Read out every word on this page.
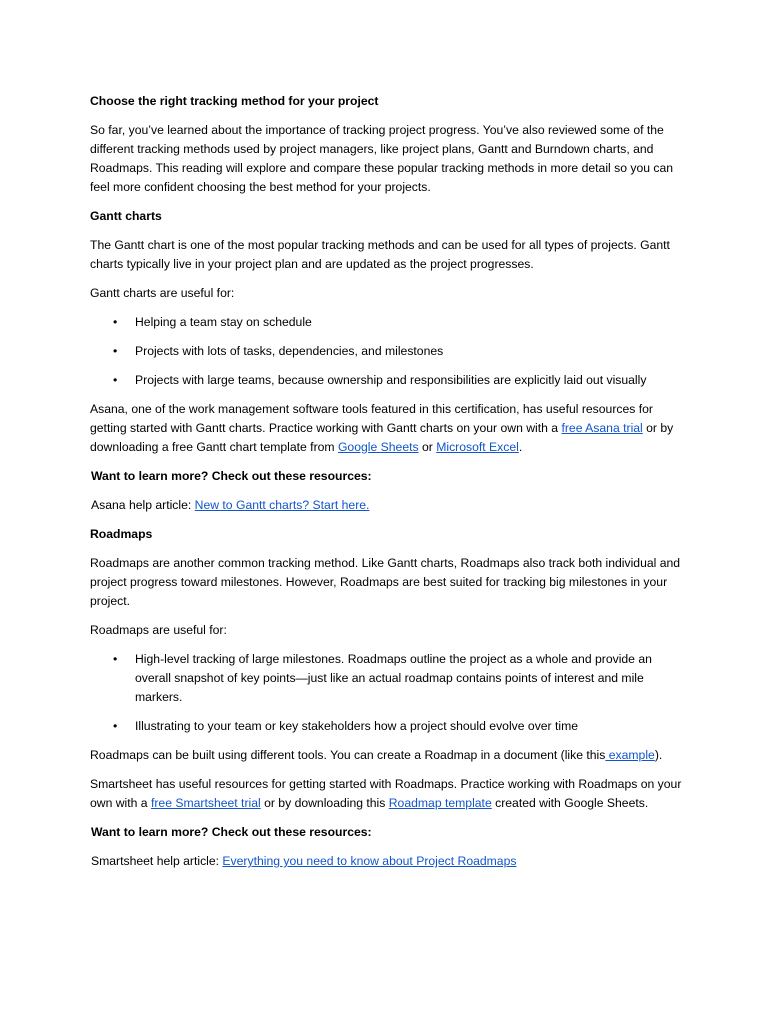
Choose the right tracking method for your project

So far, you’ve learned about the importance of tracking project progress. You’ve also reviewed some of the different tracking methods used by project managers, like project plans, Gantt and Burndown charts, and Roadmaps. This reading will explore and compare these popular tracking methods in more detail so you can feel more confident choosing the best method for your projects.

Gantt charts

The Gantt chart is one of the most popular tracking methods and can be used for all types of projects. Gantt charts typically live in your project plan and are updated as the project progresses.

Gantt charts are useful for:

• Helping a team stay on schedule
• Projects with lots of tasks, dependencies, and milestones
• Projects with large teams, because ownership and responsibilities are explicitly laid out visually

Asana, one of the work management software tools featured in this certification, has useful resources for getting started with Gantt charts. Practice working with Gantt charts on your own with a free Asana trial or by downloading a free Gantt chart template from Google Sheets or Microsoft Excel.

Want to learn more? Check out these resources:

Asana help article: New to Gantt charts? Start here.

Roadmaps

Roadmaps are another common tracking method. Like Gantt charts, Roadmaps also track both individual and project progress toward milestones. However, Roadmaps are best suited for tracking big milestones in your project.

Roadmaps are useful for:

• High-level tracking of large milestones. Roadmaps outline the project as a whole and provide an overall snapshot of key points—just like an actual roadmap contains points of interest and mile markers.
• Illustrating to your team or key stakeholders how a project should evolve over time

Roadmaps can be built using different tools. You can create a Roadmap in a document (like this example).

Smartsheet has useful resources for getting started with Roadmaps. Practice working with Roadmaps on your own with a free Smartsheet trial or by downloading this Roadmap template created with Google Sheets.

Want to learn more? Check out these resources:

Smartsheet help article: Everything you need to know about Project Roadmaps
